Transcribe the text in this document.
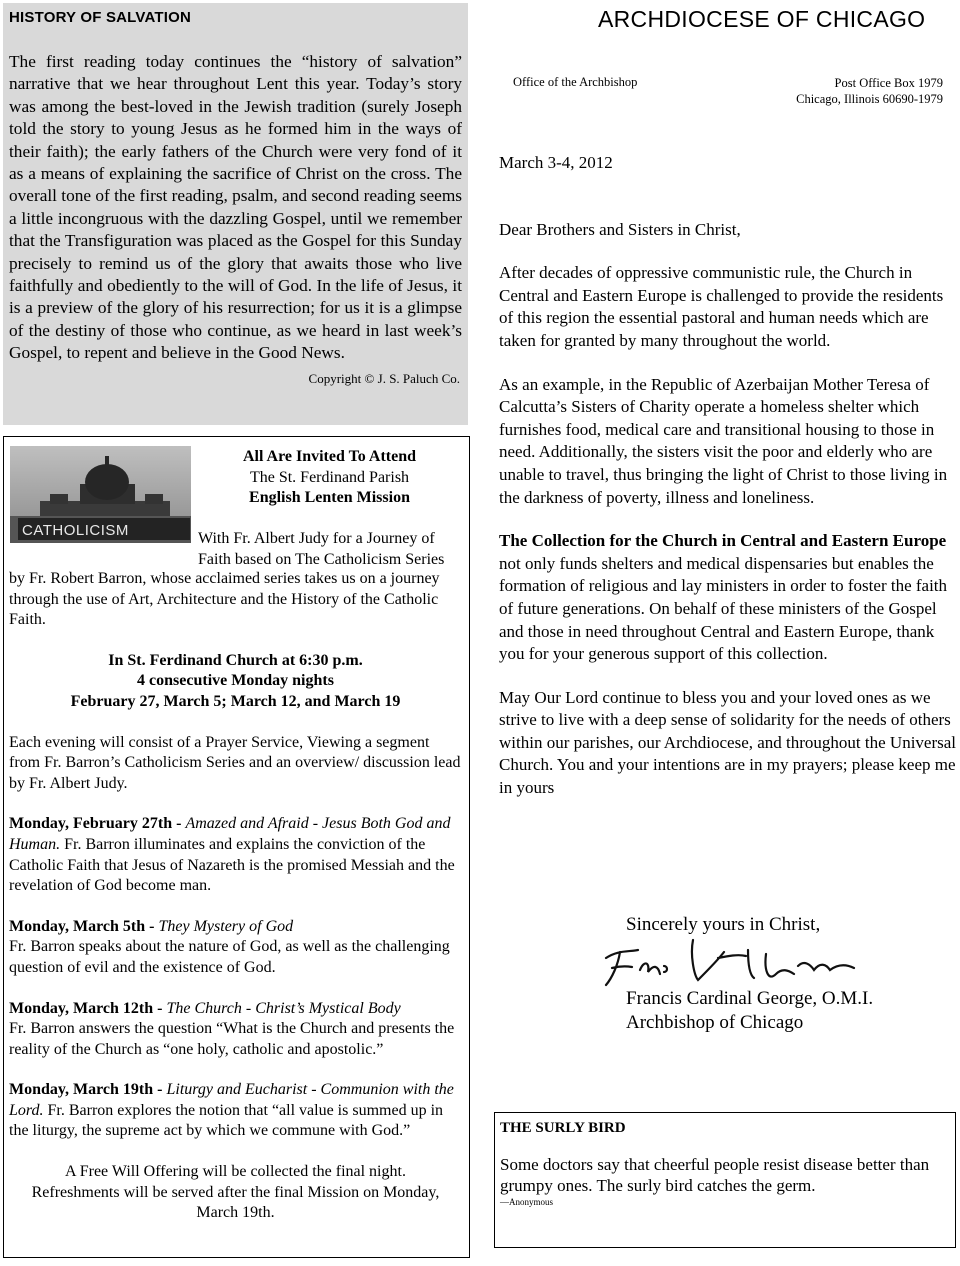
HISTORY OF SALVATION

The first reading today continues the “history of salvation” narrative that we hear throughout Lent this year. Today’s story was among the best-loved in the Jewish tradition (surely Joseph told the story to young Jesus as he formed him in the ways of their faith); the early fathers of the Church were very fond of it as a means of explaining the sacrifice of Christ on the cross. The overall tone of the first reading, psalm, and second reading seems a little incongruous with the dazzling Gospel, until we remember that the Transfiguration was placed as the Gospel for this Sunday precisely to remind us of the glory that awaits those who live faithfully and obediently to the will of God. In the life of Jesus, it is a preview of the glory of his resurrection; for us it is a glimpse of the destiny of those who continue, as we heard in last week’s Gospel, to repent and believe in the Good News.

Copyright © J. S. Paluch Co.
CATHOLICISM
All Are Invited To Attend
The St. Ferdinand Parish
English Lenten Mission
With Fr. Albert Judy for a Journey of Faith based on The Catholicism Series

by Fr. Robert Barron, whose acclaimed series takes us on a journey through the use of Art, Architecture and the History of the Catholic Faith.

In St. Ferdinand Church at 6:30 p.m.
4 consecutive Monday nights
February 27, March 5; March 12, and March 19

Each evening will consist of a Prayer Service, Viewing a segment from Fr. Barron’s Catholicism Series and an overview/ discussion lead by Fr. Albert Judy.

Monday, February 27th - Amazed and Afraid - Jesus Both God and Human. Fr. Barron illuminates and explains the conviction of the Catholic Faith that Jesus of Nazareth is the promised Messiah and the revelation of God become man.

Monday, March 5th - They Mystery of God
Fr. Barron speaks about the nature of God, as well as the challenging question of evil and the existence of God.

Monday, March 12th - The Church - Christ’s Mystical Body
Fr. Barron answers the question “What is the Church and presents the reality of the Church as “one holy, catholic and apostolic.”

Monday, March 19th - Liturgy and Eucharist - Communion with the Lord. Fr. Barron explores the notion that “all value is summed up in the liturgy, the supreme act by which we commune with God.”

A Free Will Offering will be collected the final night.
Refreshments will be served after the final Mission on Monday, March 19th.
ARCHDIOCESE OF CHICAGO
Office of the Archbishop	Post Office Box 1979
Chicago, Illinois 60690-1979

March 3-4, 2012

Dear Brothers and Sisters in Christ,

After decades of oppressive communistic rule, the Church in Central and Eastern Europe is challenged to provide the residents of this region the essential pastoral and human needs which are taken for granted by many throughout the world.

As an example, in the Republic of Azerbaijan Mother Teresa of Calcutta’s Sisters of Charity operate a homeless shelter which furnishes food, medical care and transitional housing to those in need. Additionally, the sisters visit the poor and elderly who are unable to travel, thus bringing the light of Christ to those living in the darkness of poverty, illness and loneliness.

The Collection for the Church in Central and Eastern Europe not only funds shelters and medical dispensaries but enables the formation of religious and lay ministers in order to foster the faith of future generations. On behalf of these ministers of the Gospel and those in need throughout Central and Eastern Europe, thank you for your generous support of this collection.

May Our Lord continue to bless you and your loved ones as we strive to live with a deep sense of solidarity for the needs of others within our parishes, our Archdiocese, and throughout the Universal Church. You and your intentions are in my prayers; please keep me in yours

Sincerely yours in Christ,
Francis Cardinal George, O.M.I.
Archbishop of Chicago
THE SURLY BIRD

Some doctors say that cheerful people resist disease better than grumpy ones. The surly bird catches the germ.

—Anonymous
